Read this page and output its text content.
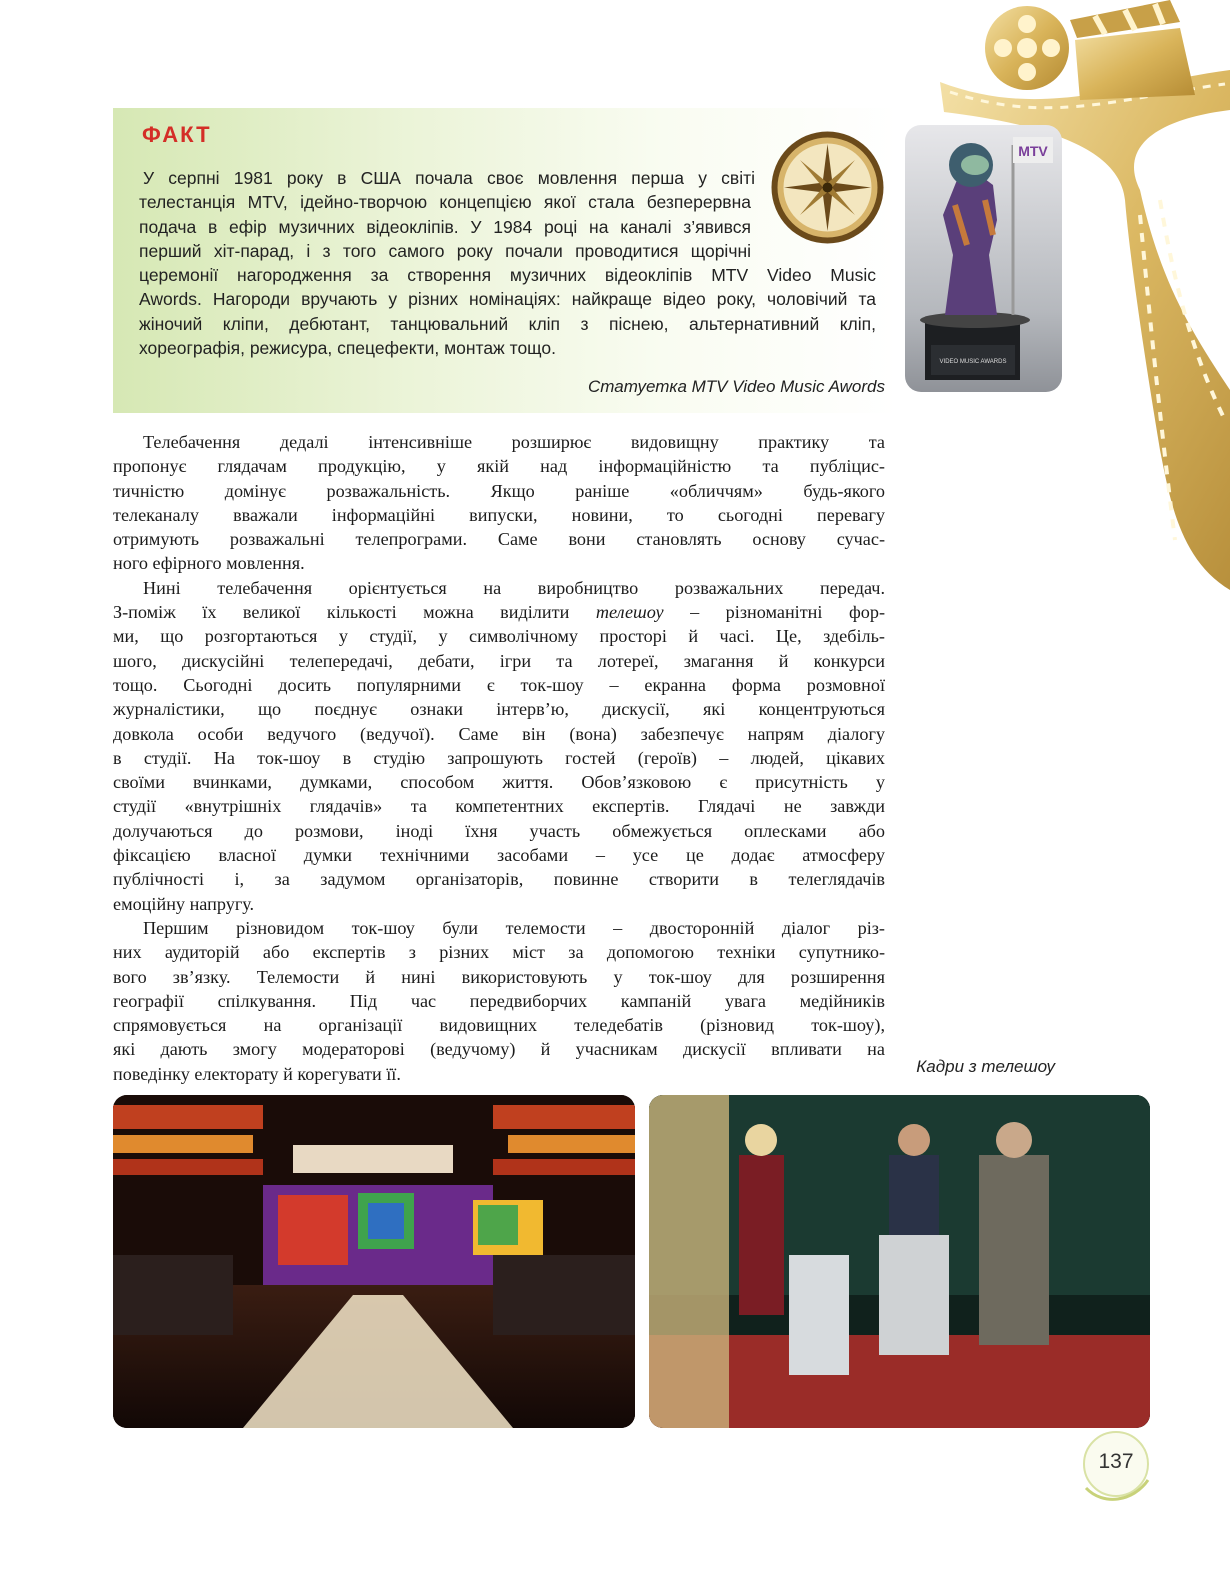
ФАКТ
У серпні 1981 року в США почала своє мовлення перша у світі
телестанція MTV, ідейно-творчою концепцією якої стала безперервна
подача в ефір музичних відеокліпів. У 1984 році на каналі з’явився
перший хіт-парад, і з того самого року почали проводитися щорічні
церемонії нагородження за створення музичних відеокліпів MTV Video Music
Awords. Нагороди вручають у різних номінаціях: найкраще відео року, чоловічий та
жіночий кліпи, дебютант, танцювальний кліп з піснею, альтернативний кліп,
хореографія, режисура, спецефекти, монтаж тощо.
Статуетка MTV Video Music Awords
VIDEO MUSIC AWARDS
MTV
Телебачення дедалі інтенсивніше розширює видовищну практику та
пропонує глядачам продукцію, у якій над інформаційністю та публіцис-
тичністю домінує розважальність. Якщо раніше «обличчям» будь-якого
телеканалу вважали інформаційні випуски, новини, то сьогодні перевагу
отримують розважальні телепрограми. Саме вони становлять основу сучас-
ного ефірного мовлення.
Нині телебачення орієнтується на виробництво розважальних передач.
З-поміж їх великої кількості можна виділити телешоу – різноманітні фор-
ми, що розгортаються у студії, у символічному просторі й часі. Це, здебіль-
шого, дискусійні телепередачі, дебати, ігри та лотереї, змагання й конкурси
тощо. Сьогодні досить популярними є ток-шоу – екранна форма розмовної
журналістики, що поєднує ознаки інтерв’ю, дискусії, які концентруються
довкола особи ведучого (ведучої). Саме він (вона) забезпечує напрям діалогу
в студії. На ток-шоу в студію запрошують гостей (героїв) – людей, цікавих
своїми вчинками, думками, способом життя. Обов’язковою є присутність у
студії «внутрішніх глядачів» та компетентних експертів. Глядачі не завжди
долучаються до розмови, іноді їхня участь обмежується оплесками або
фіксацією власної думки технічними засобами – усе це додає атмосферу
публічності і, за задумом організаторів, повинне створити в телеглядачів
емоційну напругу.
Першим різновидом ток-шоу були телемости – двосторонній діалог різ-
них аудиторій або експертів з різних міст за допомогою техніки супутнико-
вого зв’язку. Телемости й нині використовують у ток-шоу для розширення
географії спілкування. Під час передвиборчих кампаній увага медійників
спрямовується на організації видовищних теледебатів (різновид ток-шоу),
які дають змогу модераторові (ведучому) й учасникам дискусії впливати на
поведінку електорату й корегувати її.	Кадри з телешоу
137
